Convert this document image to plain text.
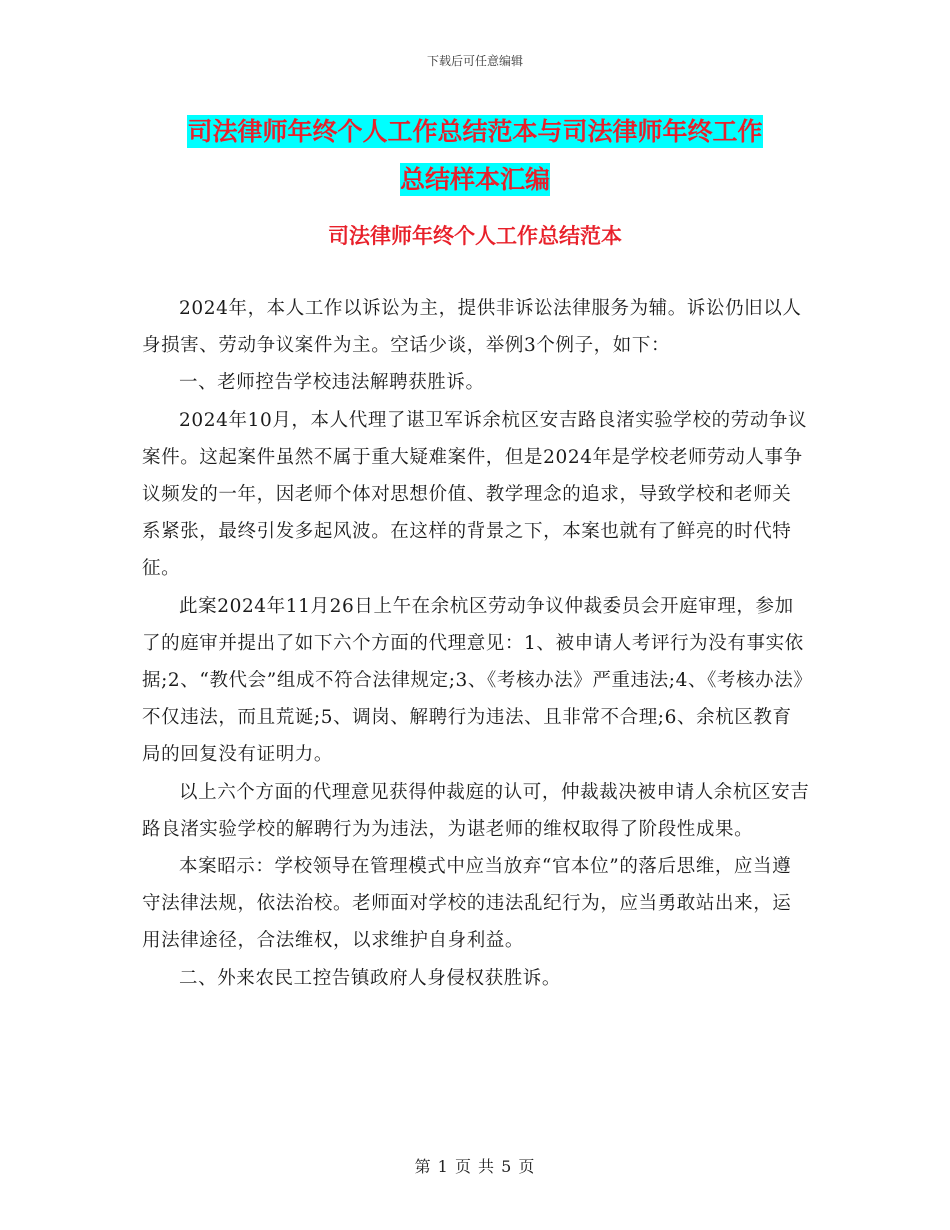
下载后可任意编辑
司法律师年终个人工作总结范本与司法律师年终工作
总结样本汇编
司法律师年终个人工作总结范本

2024年，本人工作以诉讼为主，提供非诉讼法律服务为辅。诉讼仍旧以人身损害、劳动争议案件为主。空话少谈，举例3个例子，如下：

一、老师控告学校违法解聘获胜诉。

2024年10月，本人代理了谌卫军诉余杭区安吉路良渚实验学校的劳动争议案件。这起案件虽然不属于重大疑难案件，但是2024年是学校老师劳动人事争议频发的一年，因老师个体对思想价值、教学理念的追求，导致学校和老师关系紧张，最终引发多起风波。在这样的背景之下，本案也就有了鲜亮的时代特征。

此案2024年11月26日上午在余杭区劳动争议仲裁委员会开庭审理，参加了的庭审并提出了如下六个方面的代理意见：1、被申请人考评行为没有事实依据;2、“教代会”组成不符合法律规定;3、《考核办法》严重违法;4、《考核办法》不仅违法，而且荒诞;5、调岗、解聘行为违法、且非常不合理;6、余杭区教育局的回复没有证明力。

以上六个方面的代理意见获得仲裁庭的认可，仲裁裁决被申请人余杭区安吉路良渚实验学校的解聘行为为违法，为谌老师的维权取得了阶段性成果。

本案昭示：学校领导在管理模式中应当放弃“官本位”的落后思维，应当遵守法律法规，依法治校。老师面对学校的违法乱纪行为，应当勇敢站出来，运用法律途径，合法维权，以求维护自身利益。

二、外来农民工控告镇政府人身侵权获胜诉。

第 1 页 共 5 页
